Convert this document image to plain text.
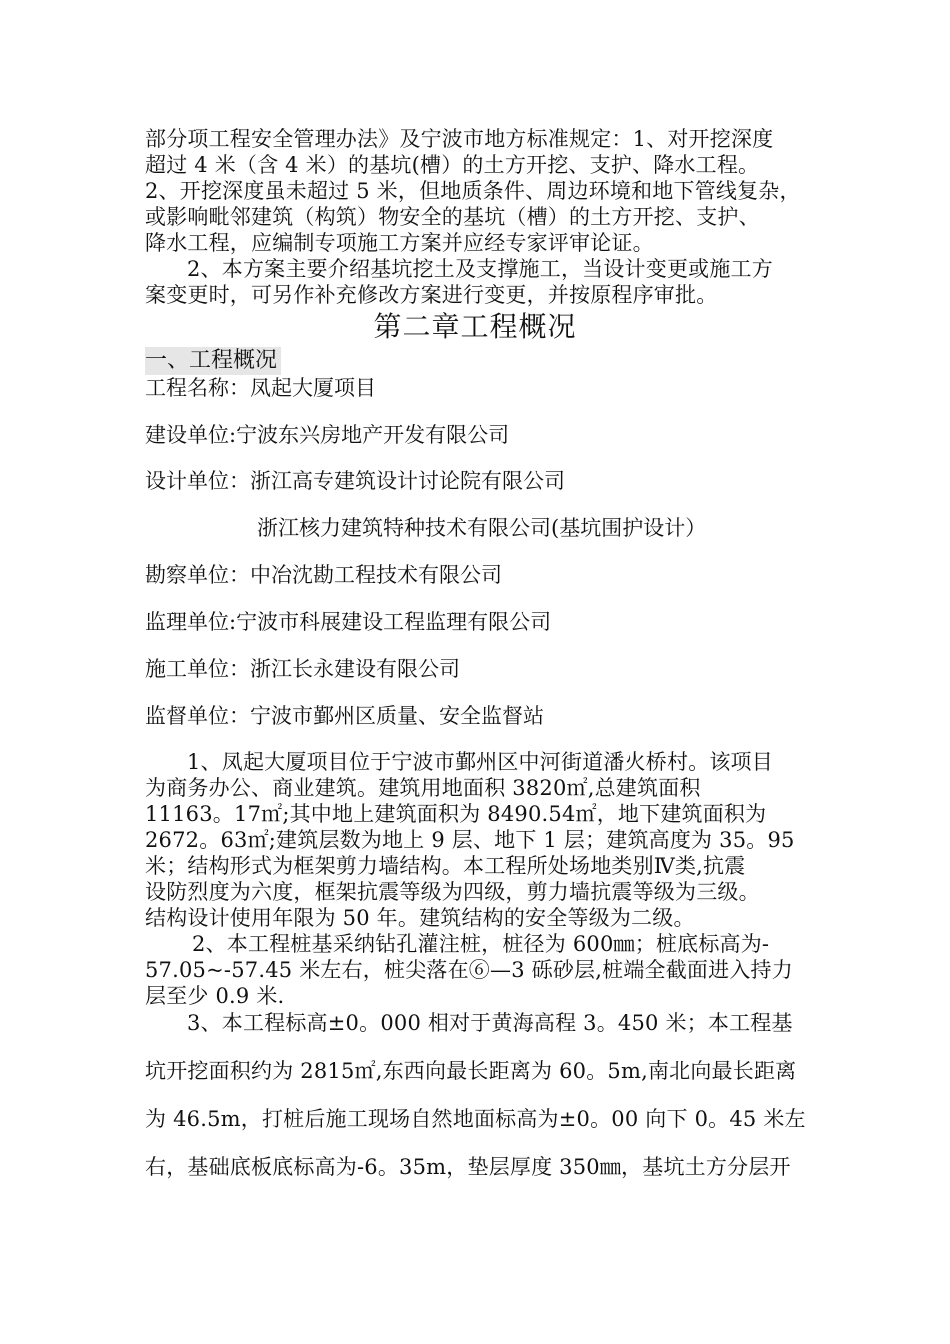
部分项工程安全管理办法》及宁波市地方标准规定：1、对开挖深度
超过 4 米（含 4 米）的基坑(槽）的土方开挖、支护、降水工程。
2、开挖深度虽未超过 5 米，但地质条件、周边环境和地下管线复杂，
或影响毗邻建筑（构筑）物安全的基坑（槽）的土方开挖、支护、
降水工程，应编制专项施工方案并应经专家评审论证。
2、本方案主要介绍基坑挖土及支撑施工，当设计变更或施工方
案变更时，可另作补充修改方案进行变更，并按原程序审批。
第二章工程概况
一、工程概况
工程名称：凤起大厦项目
建设单位:宁波东兴房地产开发有限公司
设计单位：浙江高专建筑设计讨论院有限公司
浙江核力建筑特种技术有限公司(基坑围护设计）
勘察单位：中冶沈勘工程技术有限公司
监理单位:宁波市科展建设工程监理有限公司
施工单位：浙江长永建设有限公司
监督单位：宁波市鄞州区质量、安全监督站
1、凤起大厦项目位于宁波市鄞州区中河街道潘火桥村。该项目
为商务办公、商业建筑。建筑用地面积 3820㎡,总建筑面积
11163。17㎡;其中地上建筑面积为 8490.54㎡，地下建筑面积为
2672。63㎡;建筑层数为地上 9 层、地下 1 层；建筑高度为 35。95
米；结构形式为框架剪力墙结构。本工程所处场地类别Ⅳ类,抗震
设防烈度为六度，框架抗震等级为四级，剪力墙抗震等级为三级。
结构设计使用年限为 50 年。建筑结构的安全等级为二级。
2、本工程桩基采纳钻孔灌注桩，桩径为 600㎜；桩底标高为-
57.05~-57.45 米左右，桩尖落在⑥—3 砾砂层,桩端全截面进入持力
层至少 0.9 米.
3、本工程标高±0。000 相对于黄海高程 3。450 米；本工程基
坑开挖面积约为 2815㎡,东西向最长距离为 60。5m,南北向最长距离
为 46.5m，打桩后施工现场自然地面标高为±0。00 向下 0。45 米左
右，基础底板底标高为-6。35m，垫层厚度 350㎜，基坑土方分层开
